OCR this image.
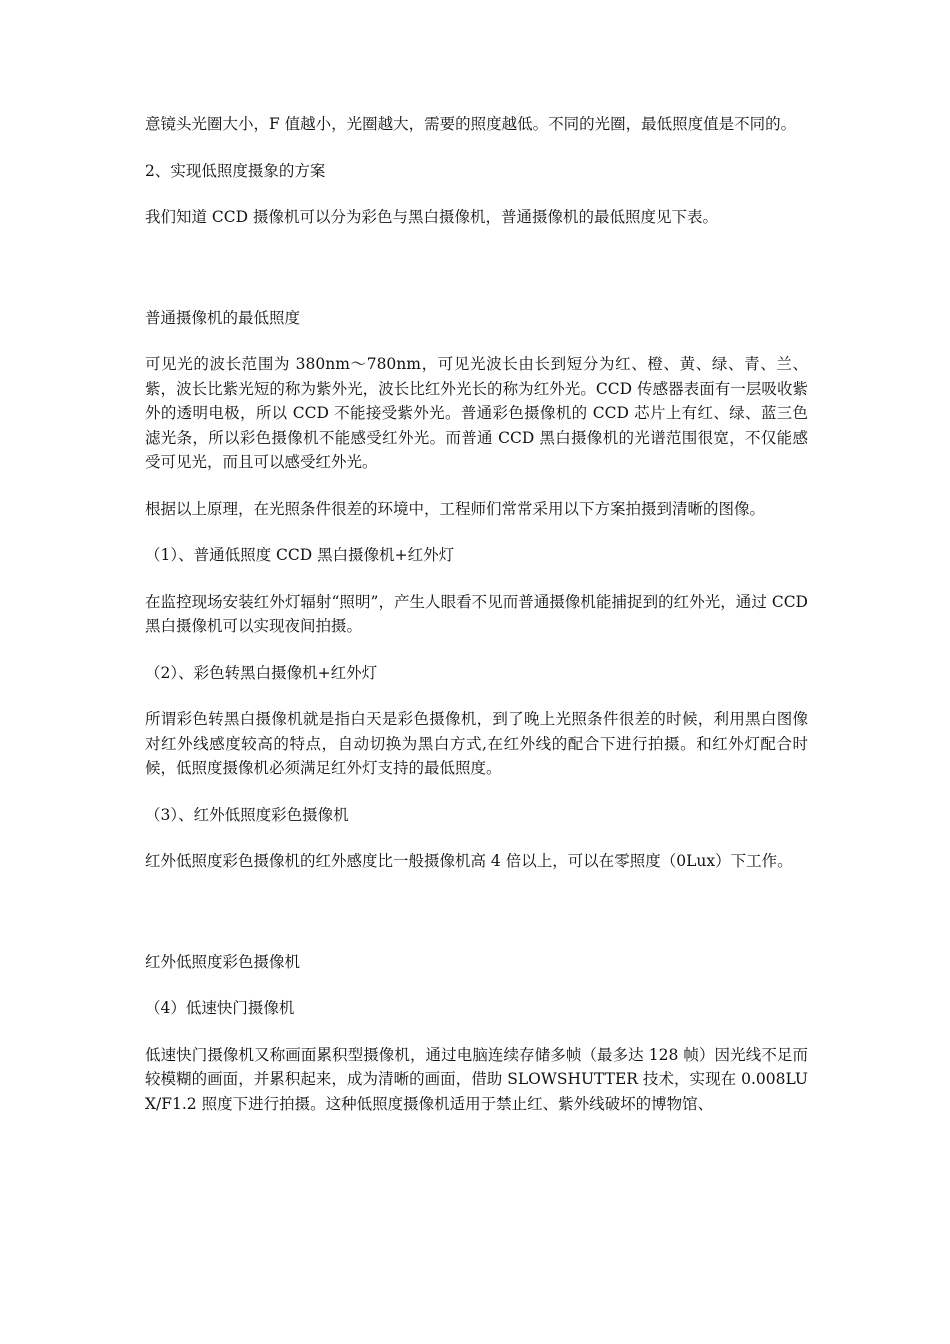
意镜头光圈大小，F 值越小，光圈越大，需要的照度越低。不同的光圈，最低照度值是不同的。

2、实现低照度摄象的方案

我们知道 CCD 摄像机可以分为彩色与黑白摄像机，普通摄像机的最低照度见下表。

普通摄像机的最低照度

可见光的波长范围为 380nm～780nm，可见光波长由长到短分为红、橙、黄、绿、青、兰、紫，波长比紫光短的称为紫外光，波长比红外光长的称为红外光。CCD 传感器表面有一层吸收紫外的透明电极，所以 CCD 不能接受紫外光。普通彩色摄像机的 CCD 芯片上有红、绿、蓝三色滤光条，所以彩色摄像机不能感受红外光。而普通 CCD 黑白摄像机的光谱范围很宽，不仅能感受可见光，而且可以感受红外光。

根据以上原理，在光照条件很差的环境中，工程师们常常采用以下方案拍摄到清晰的图像。

（1）、普通低照度 CCD 黑白摄像机+红外灯

在监控现场安装红外灯辐射“照明”，产生人眼看不见而普通摄像机能捕捉到的红外光，通过 CCD 黑白摄像机可以实现夜间拍摄。

（2）、彩色转黑白摄像机+红外灯

所谓彩色转黑白摄像机就是指白天是彩色摄像机，到了晚上光照条件很差的时候，利用黑白图像对红外线感度较高的特点，自动切换为黑白方式,在红外线的配合下进行拍摄。和红外灯配合时候，低照度摄像机必须满足红外灯支持的最低照度。

（3）、红外低照度彩色摄像机

红外低照度彩色摄像机的红外感度比一般摄像机高 4 倍以上，可以在零照度（0Lux）下工作。

红外低照度彩色摄像机

（4）低速快门摄像机

低速快门摄像机又称画面累积型摄像机，通过电脑连续存储多帧（最多达 128 帧）因光线不足而较模糊的画面，并累积起来，成为清晰的画面，借助 SLOWSHUTTER 技术，实现在 0.008LUX/F1.2 照度下进行拍摄。这种低照度摄像机适用于禁止红、紫外线破坏的博物馆、
